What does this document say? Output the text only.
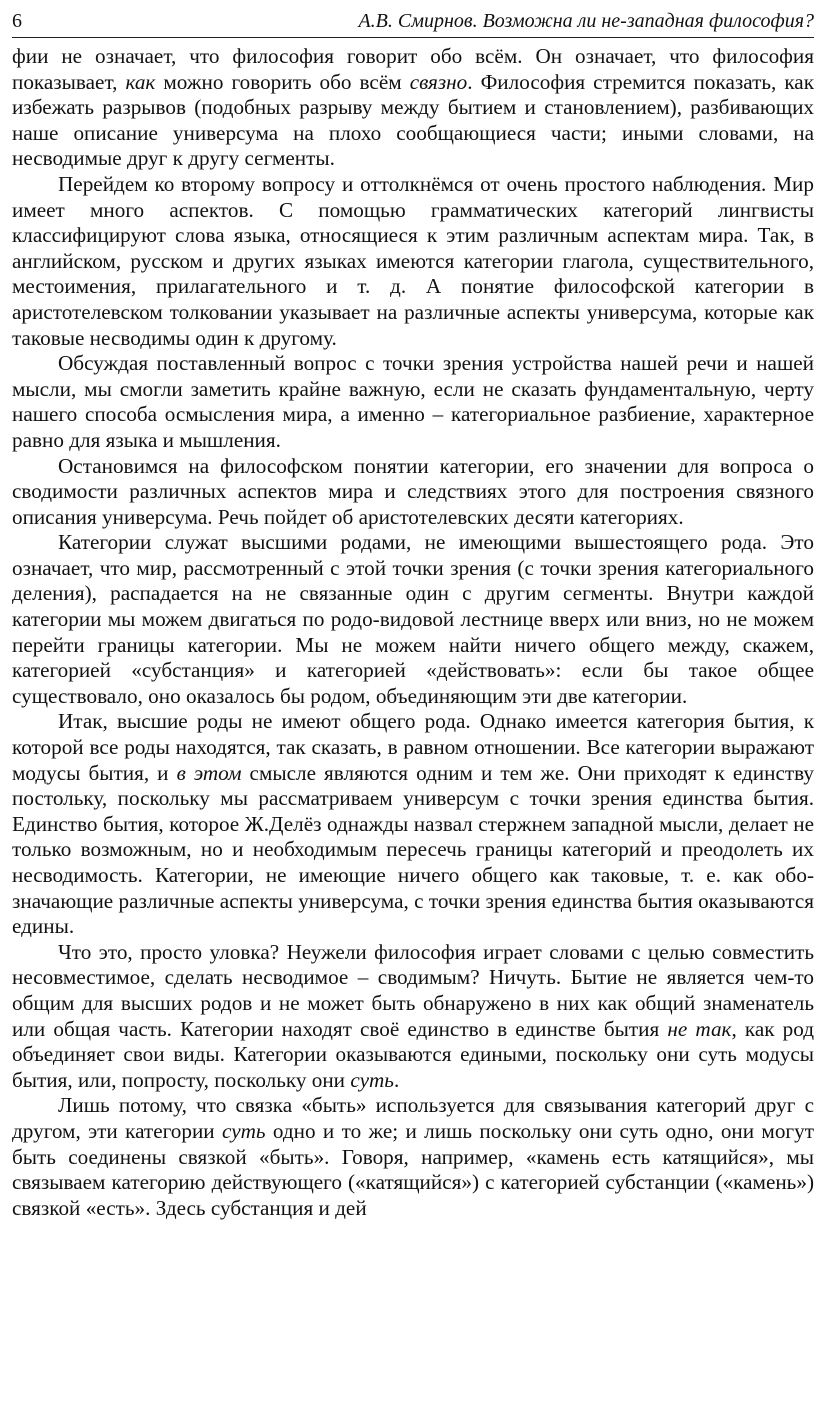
6	А.В. Смирнов. Возможна ли не-западная философия?

фии не означает, что философия говорит обо всём. Он означает, что философия показывает, как можно говорить обо всём связно. Философия стремится показать, как избежать разрывов (подобных разрыву между бытием и становлением), разбивающих наше описание универсума на плохо сообщающиеся части; иными словами, на несводимые друг к другу сегменты.

Перейдем ко второму вопросу и оттолкнёмся от очень простого наблюдения. Мир имеет много аспектов. С помощью грамматических категорий лингвисты классифицируют слова языка, относящиеся к этим различным аспектам мира. Так, в английском, русском и других языках имеются категории глагола, существительного, местоимения, прилагательного и т. д. А понятие философской категории в аристотелевском толковании указывает на различные аспекты универсума, которые как таковые несводимы один к другому.

Обсуждая поставленный вопрос с точки зрения устройства нашей речи и нашей мысли, мы смогли заметить крайне важную, если не сказать фундаментальную, черту нашего способа осмысления мира, а именно – категориальное разбиение, характерное равно для языка и мышления.

Остановимся на философском понятии категории, его значении для вопроса о сводимости различных аспектов мира и следствиях этого для построения связного описания универсума. Речь пойдет об аристотелевских десяти категориях.

Категории служат высшими родами, не имеющими вышестоящего рода. Это означает, что мир, рассмотренный с этой точки зрения (с точки зрения категориального деления), распадается на не связанные один с другим сегменты. Внутри каждой категории мы можем двигаться по родо-видовой лестнице вверх или вниз, но не можем перейти границы категории. Мы не можем найти ничего общего между, скажем, категорией «субстанция» и категорией «действовать»: если бы такое общее существовало, оно оказалось бы родом, объединяющим эти две категории.

Итак, высшие роды не имеют общего рода. Однако имеется категория бытия, к которой все роды находятся, так сказать, в равном отношении. Все категории выражают модусы бытия, и в этом смысле являются одним и тем же. Они приходят к единству постольку, поскольку мы рассматриваем универсум с точки зрения единства бытия. Единство бытия, которое Ж.Делёз однажды назвал стержнем западной мысли, делает не только возможным, но и необходимым пересечь границы категорий и преодолеть их несводимость. Категории, не имеющие ничего общего как таковые, т. е. как обозначающие различные аспекты универсума, с точки зрения единства бытия оказываются едины.

Что это, просто уловка? Неужели философия играет словами с целью совместить несовместимое, сделать несводимое – сводимым? Ничуть. Бытие не является чем-то общим для высших родов и не может быть обнаружено в них как общий знаменатель или общая часть. Категории находят своё единство в единстве бытия не так, как род объединяет свои виды. Категории оказываются едиными, поскольку они суть модусы бытия, или, попросту, поскольку они суть.

Лишь потому, что связка «быть» используется для связывания категорий друг с другом, эти категории суть одно и то же; и лишь поскольку они суть одно, они могут быть соединены связкой «быть». Говоря, например, «камень есть катящийся», мы связываем категорию действующего («катящийся») с категорией субстанции («камень») связкой «есть». Здесь субстанция и дей
